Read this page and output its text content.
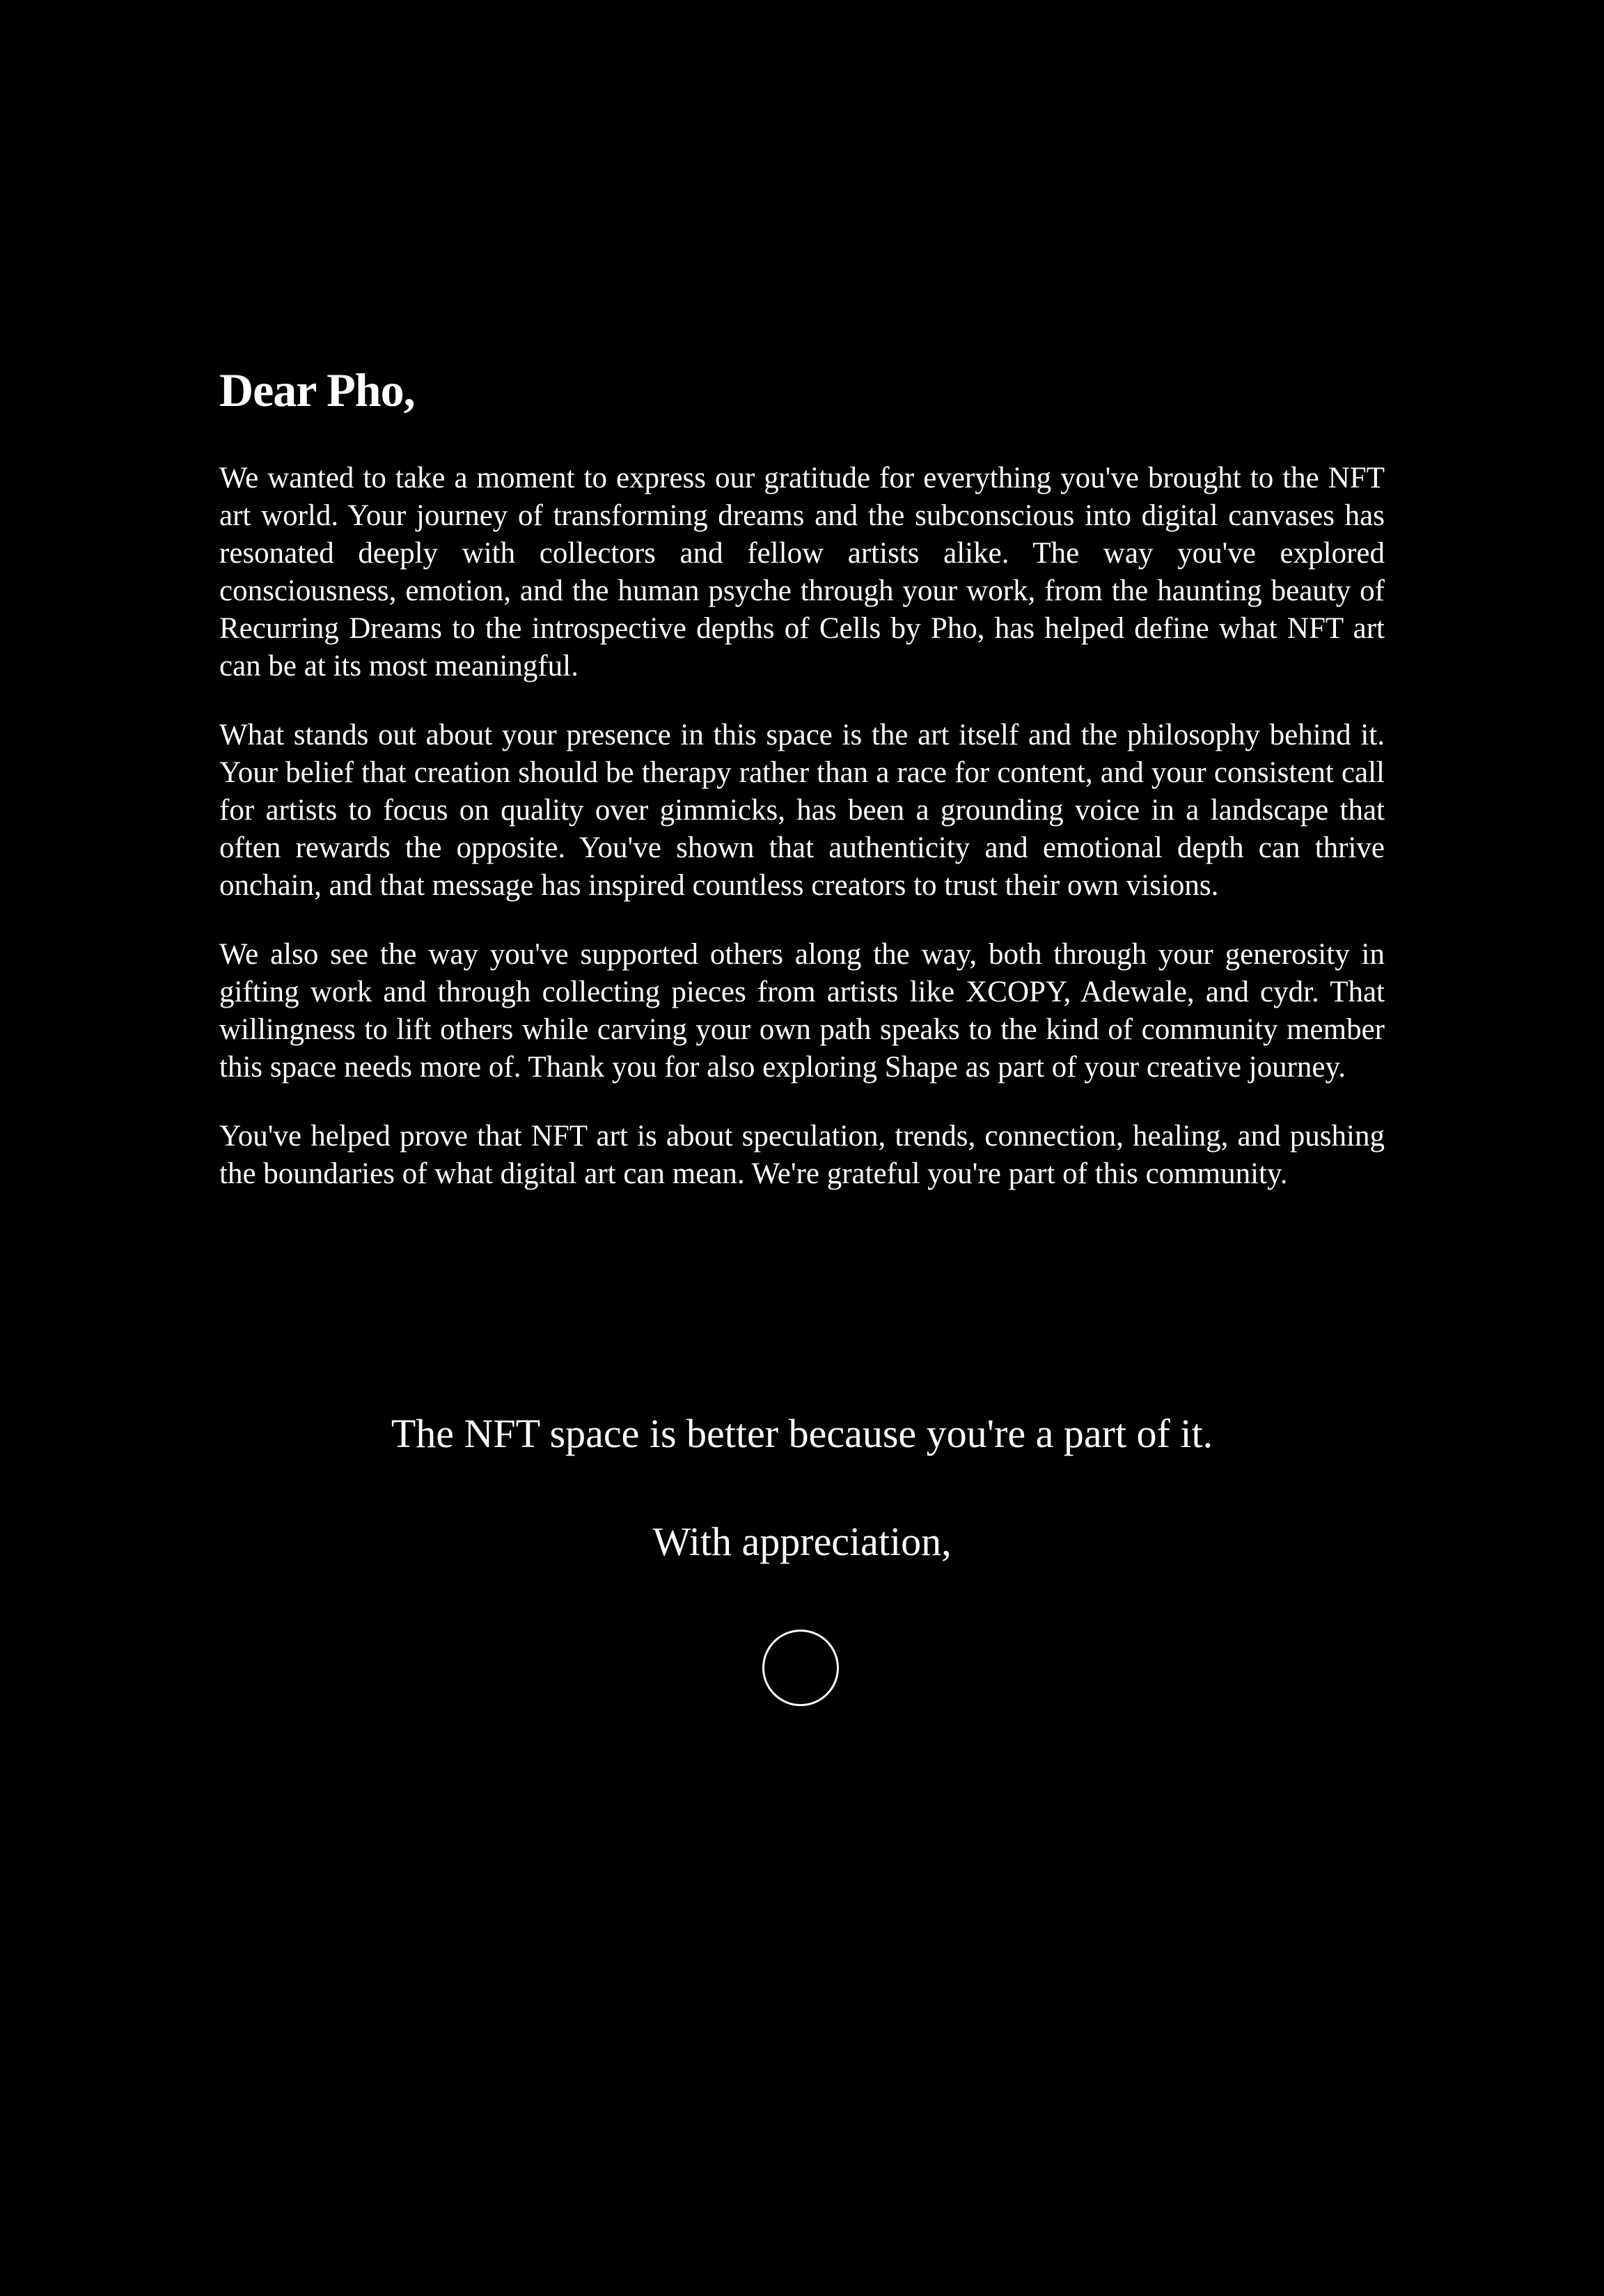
Dear Pho,

We wanted to take a moment to express our gratitude for everything you've brought to the NFT art world. Your journey of transforming dreams and the subconscious into digital canvases has resonated deeply with collectors and fellow artists alike. The way you've explored consciousness, emotion, and the human psyche through your work, from the haunting beauty of Recurring Dreams to the introspective depths of Cells by Pho, has helped define what NFT art can be at its most meaningful.

What stands out about your presence in this space is the art itself and the philosophy behind it. Your belief that creation should be therapy rather than a race for content, and your consistent call for artists to focus on quality over gimmicks, has been a grounding voice in a landscape that often rewards the opposite. You've shown that authenticity and emotional depth can thrive onchain, and that message has inspired countless creators to trust their own visions.

We also see the way you've supported others along the way, both through your generosity in gifting work and through collecting pieces from artists like XCOPY, Adewale, and cydr. That willingness to lift others while carving your own path speaks to the kind of community member this space needs more of. Thank you for also exploring Shape as part of your creative journey.

You've helped prove that NFT art is about speculation, trends, connection, healing, and pushing the boundaries of what digital art can mean. We're grateful you're part of this community.

The NFT space is better because you're a part of it.
With appreciation,
